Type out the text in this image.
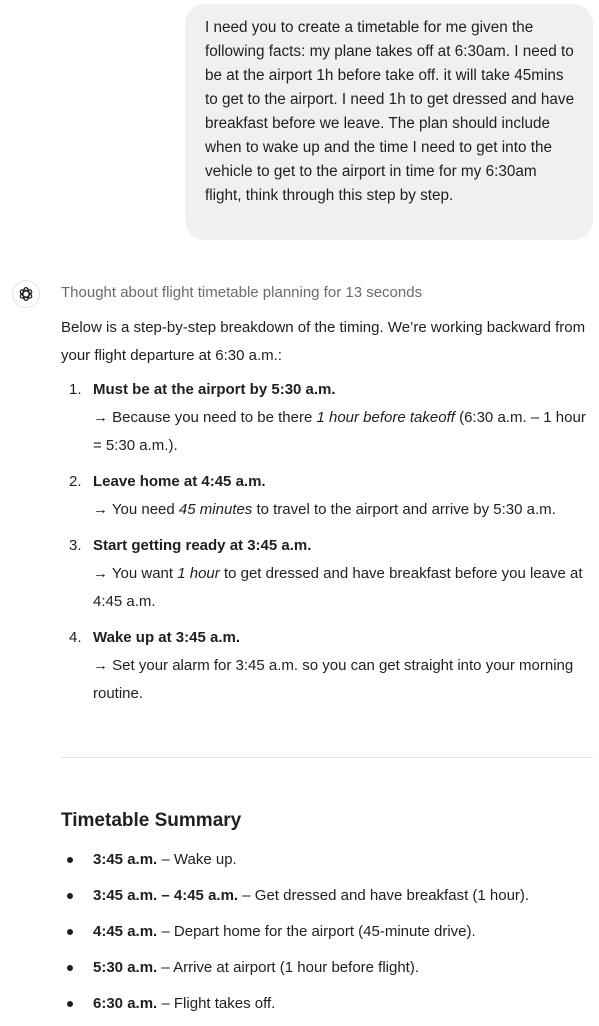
I need you to create a timetable for me given the following facts: my plane takes off at 6:30am. I need to be at the airport 1h before take off. it will take 45mins to get to the airport. I need 1h to get dressed and have breakfast before we leave. The plan should include when to wake up and the time I need to get into the vehicle to get to the airport in time for my 6:30am flight, think through this step by step.
Thought about flight timetable planning for 13 seconds

Below is a step-by-step breakdown of the timing. We’re working backward from your flight departure at 6:30 a.m.:

1. Must be at the airport by 5:30 a.m.
→ Because you need to be there 1 hour before takeoff (6:30 a.m. – 1 hour = 5:30 a.m.).
2. Leave home at 4:45 a.m.
→ You need 45 minutes to travel to the airport and arrive by 5:30 a.m.
3. Start getting ready at 3:45 a.m.
→ You want 1 hour to get dressed and have breakfast before you leave at 4:45 a.m.
4. Wake up at 3:45 a.m.
→ Set your alarm for 3:45 a.m. so you can get straight into your morning routine.
Timetable Summary
3:45 a.m. – Wake up.
3:45 a.m. – 4:45 a.m. – Get dressed and have breakfast (1 hour).
4:45 a.m. – Depart home for the airport (45-minute drive).
5:30 a.m. – Arrive at airport (1 hour before flight).
6:30 a.m. – Flight takes off.
